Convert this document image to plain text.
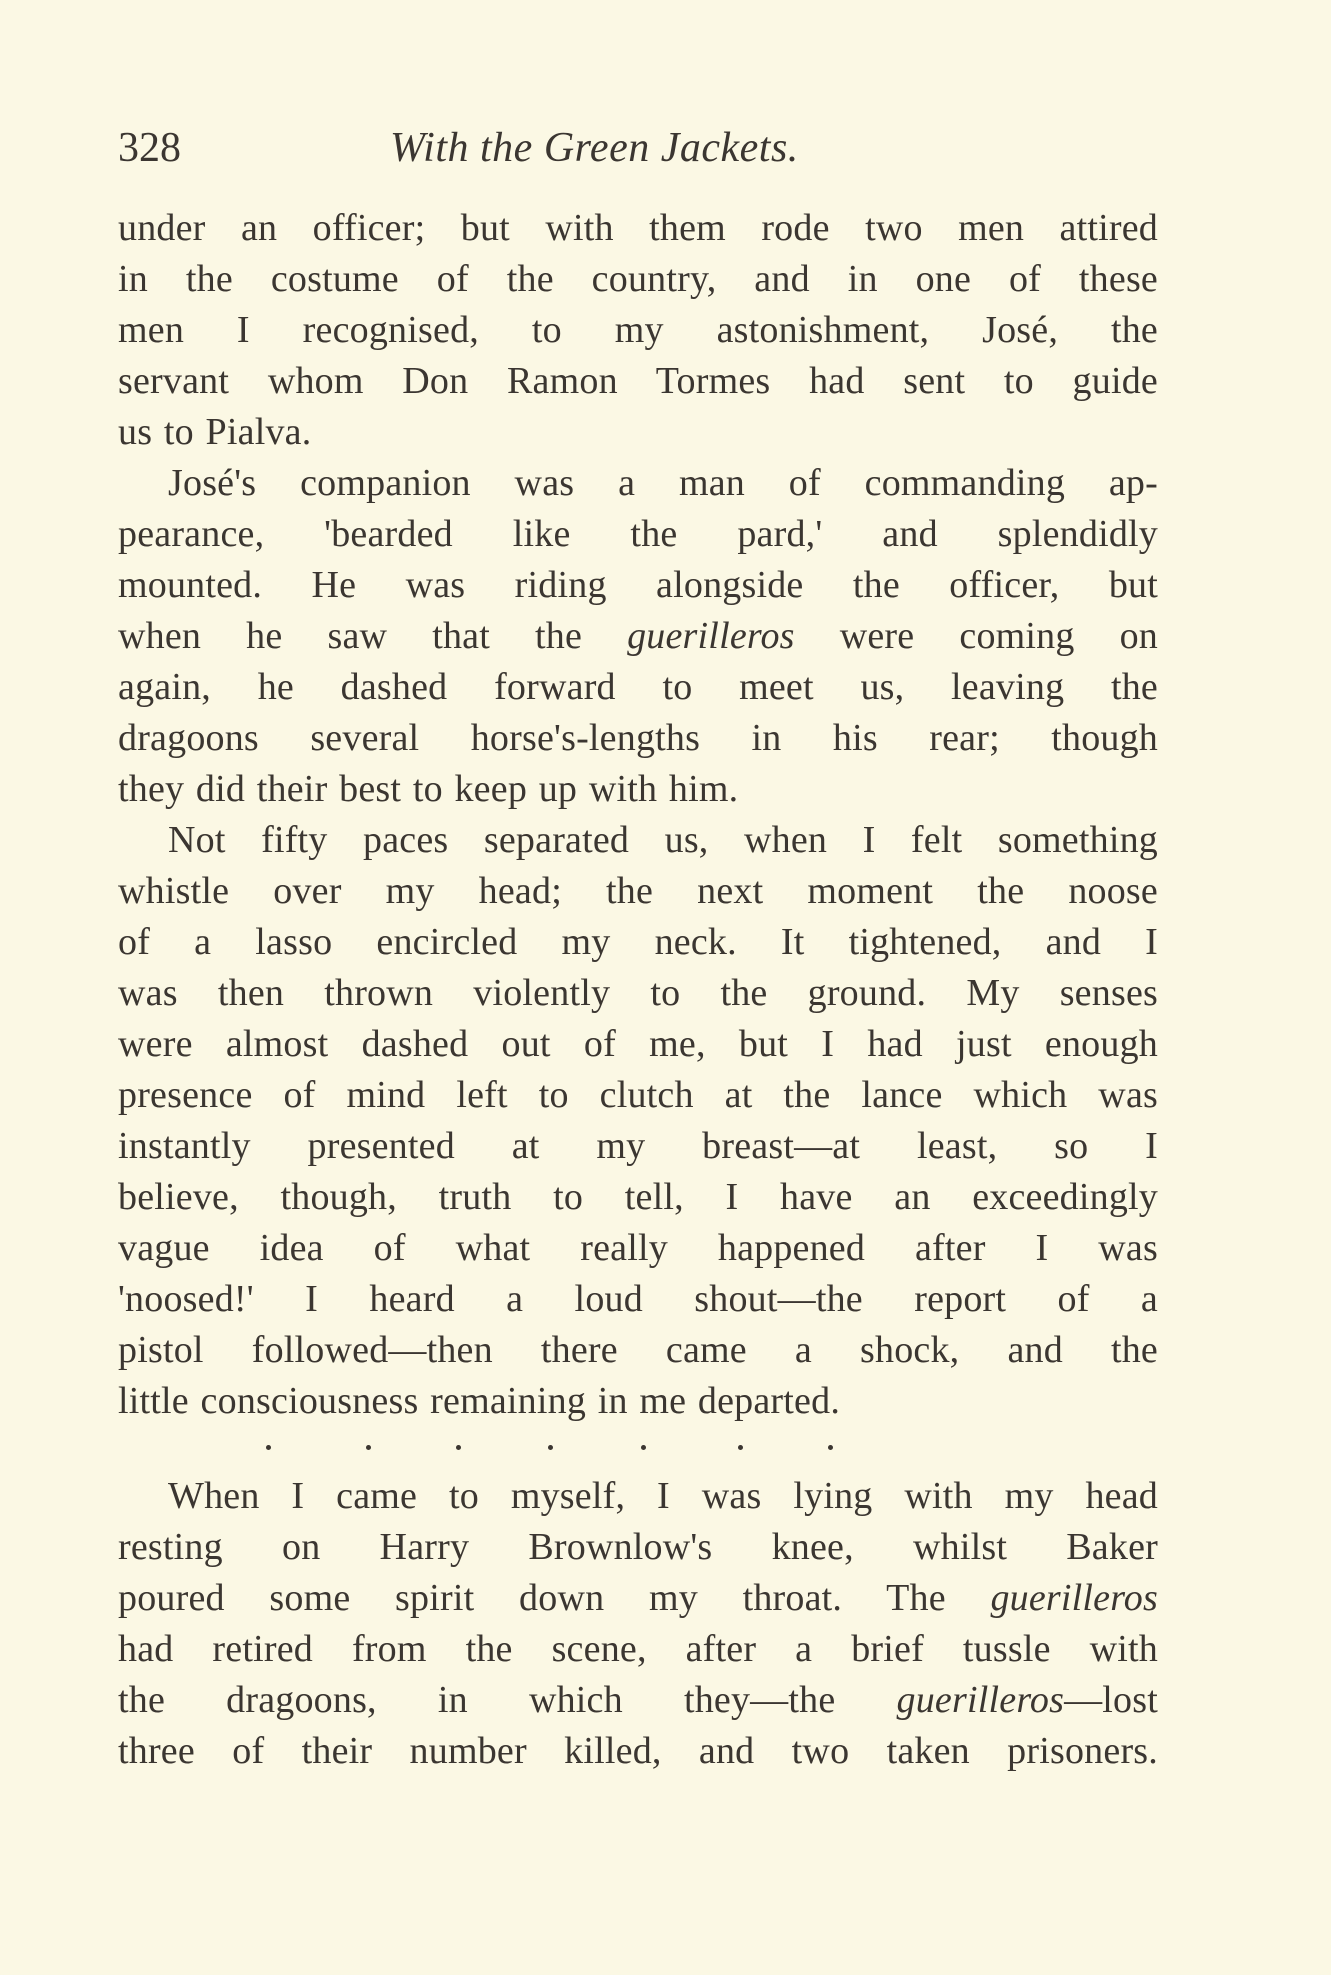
328	With the Green Jackets.
under an officer; but with them rode two men attired
in the costume of the country, and in one of these
men I recognised, to my astonishment, José, the
servant whom Don Ramon Tormes had sent to guide
us to Pialva.
José's companion was a man of commanding ap-
pearance, 'bearded like the pard,' and splendidly
mounted. He was riding alongside the officer, but
when he saw that the guerilleros were coming on
again, he dashed forward to meet us, leaving the
dragoons several horse's-lengths in his rear; though
they did their best to keep up with him.
Not fifty paces separated us, when I felt something
whistle over my head; the next moment the noose
of a lasso encircled my neck. It tightened, and I
was then thrown violently to the ground. My senses
were almost dashed out of me, but I had just enough
presence of mind left to clutch at the lance which was
instantly presented at my breast—at least, so I
believe, though, truth to tell, I have an exceedingly
vague idea of what really happened after I was
'noosed!' I heard a loud shout—the report of a
pistol followed—then there came a shock, and the
little consciousness remaining in me departed.
When I came to myself, I was lying with my head
resting on Harry Brownlow's knee, whilst Baker
poured some spirit down my throat. The guerilleros
had retired from the scene, after a brief tussle with
the dragoons, in which they—the guerilleros—lost
three of their number killed, and two taken prisoners.
